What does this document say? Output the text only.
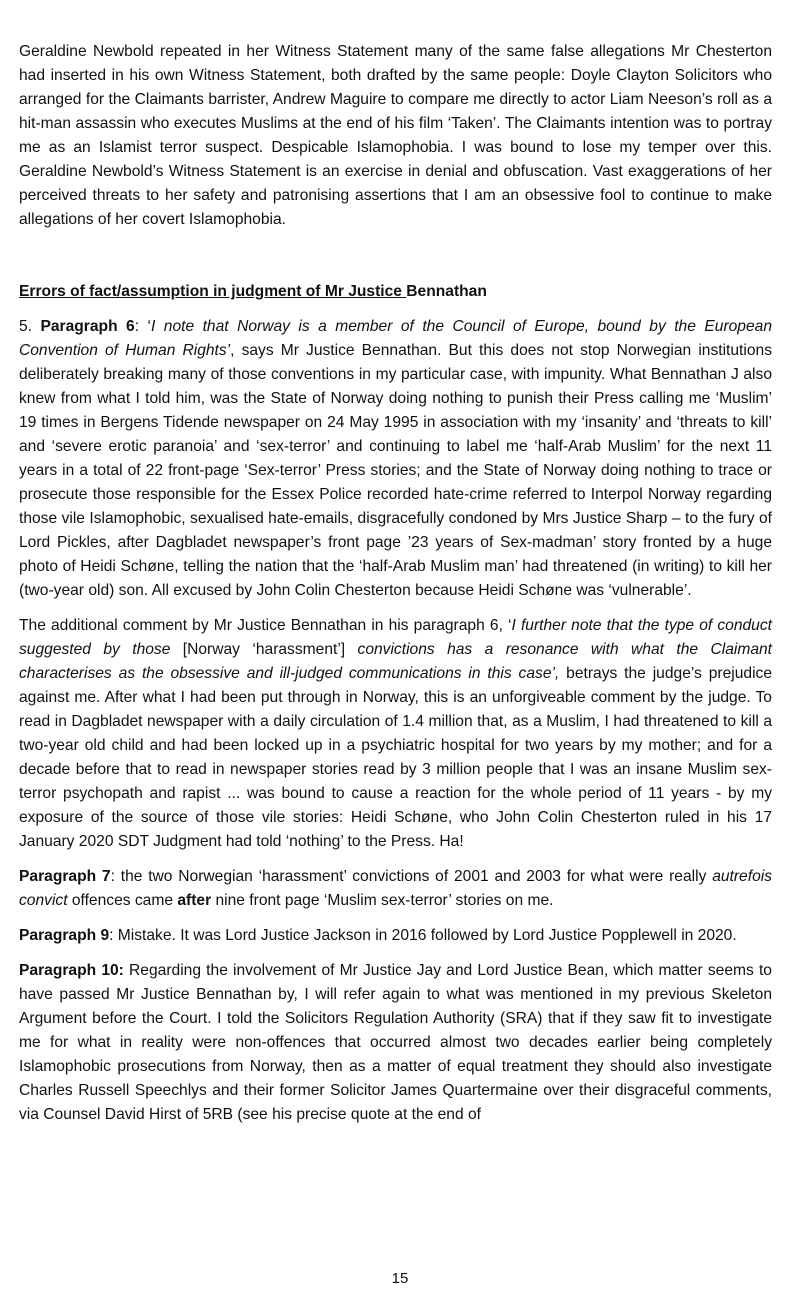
Geraldine Newbold repeated in her Witness Statement many of the same false allegations Mr Chesterton had inserted in his own Witness Statement, both drafted by the same people: Doyle Clayton Solicitors who arranged for the Claimants barrister, Andrew Maguire to compare me directly to actor Liam Neeson’s roll as a hit-man assassin who executes Muslims at the end of his film ‘Taken’. The Claimants intention was to portray me as an Islamist terror suspect. Despicable Islamophobia. I was bound to lose my temper over this. Geraldine Newbold’s Witness Statement is an exercise in denial and obfuscation. Vast exaggerations of her perceived threats to her safety and patronising assertions that I am an obsessive fool to continue to make allegations of her covert Islamophobia.

Errors of fact/assumption in judgment of Mr Justice Bennathan

5. Paragraph 6: ‘I note that Norway is a member of the Council of Europe, bound by the European Convention of Human Rights’, says Mr Justice Bennathan. But this does not stop Norwegian institutions deliberately breaking many of those conventions in my particular case, with impunity. What Bennathan J also knew from what I told him, was the State of Norway doing nothing to punish their Press calling me ‘Muslim’ 19 times in Bergens Tidende newspaper on 24 May 1995 in association with my ‘insanity’ and ‘threats to kill’ and ‘severe erotic paranoia’ and ‘sex-terror’ and continuing to label me ‘half-Arab Muslim’ for the next 11 years in a total of 22 front-page ‘Sex-terror’ Press stories; and the State of Norway doing nothing to trace or prosecute those responsible for the Essex Police recorded hate-crime referred to Interpol Norway regarding those vile Islamophobic, sexualised hate-emails, disgracefully condoned by Mrs Justice Sharp – to the fury of Lord Pickles, after Dagbladet newspaper’s front page ’23 years of Sex-madman’ story fronted by a huge photo of Heidi Schøne, telling the nation that the ‘half-Arab Muslim man’ had threatened (in writing) to kill her (two-year old) son. All excused by John Colin Chesterton because Heidi Schøne was ‘vulnerable’.

The additional comment by Mr Justice Bennathan in his paragraph 6, ‘I further note that the type of conduct suggested by those [Norway ‘harassment’] convictions has a resonance with what the Claimant characterises as the obsessive and ill-judged communications in this case’, betrays the judge’s prejudice against me. After what I had been put through in Norway, this is an unforgiveable comment by the judge. To read in Dagbladet newspaper with a daily circulation of 1.4 million that, as a Muslim, I had threatened to kill a two-year old child and had been locked up in a psychiatric hospital for two years by my mother; and for a decade before that to read in newspaper stories read by 3 million people that I was an insane Muslim sex-terror psychopath and rapist ... was bound to cause a reaction for the whole period of 11 years - by my exposure of the source of those vile stories: Heidi Schøne, who John Colin Chesterton ruled in his 17 January 2020 SDT Judgment had told ‘nothing’ to the Press. Ha!

Paragraph 7: the two Norwegian ‘harassment’ convictions of 2001 and 2003 for what were really autrefois convict offences came after nine front page ‘Muslim sex-terror’ stories on me.

Paragraph 9: Mistake. It was Lord Justice Jackson in 2016 followed by Lord Justice Popplewell in 2020.

Paragraph 10: Regarding the involvement of Mr Justice Jay and Lord Justice Bean, which matter seems to have passed Mr Justice Bennathan by, I will refer again to what was mentioned in my previous Skeleton Argument before the Court. I told the Solicitors Regulation Authority (SRA) that if they saw fit to investigate me for what in reality were non-offences that occurred almost two decades earlier being completely Islamophobic prosecutions from Norway, then as a matter of equal treatment they should also investigate Charles Russell Speechlys and their former Solicitor James Quartermaine over their disgraceful comments, via Counsel David Hirst of 5RB (see his precise quote at the end of

15
